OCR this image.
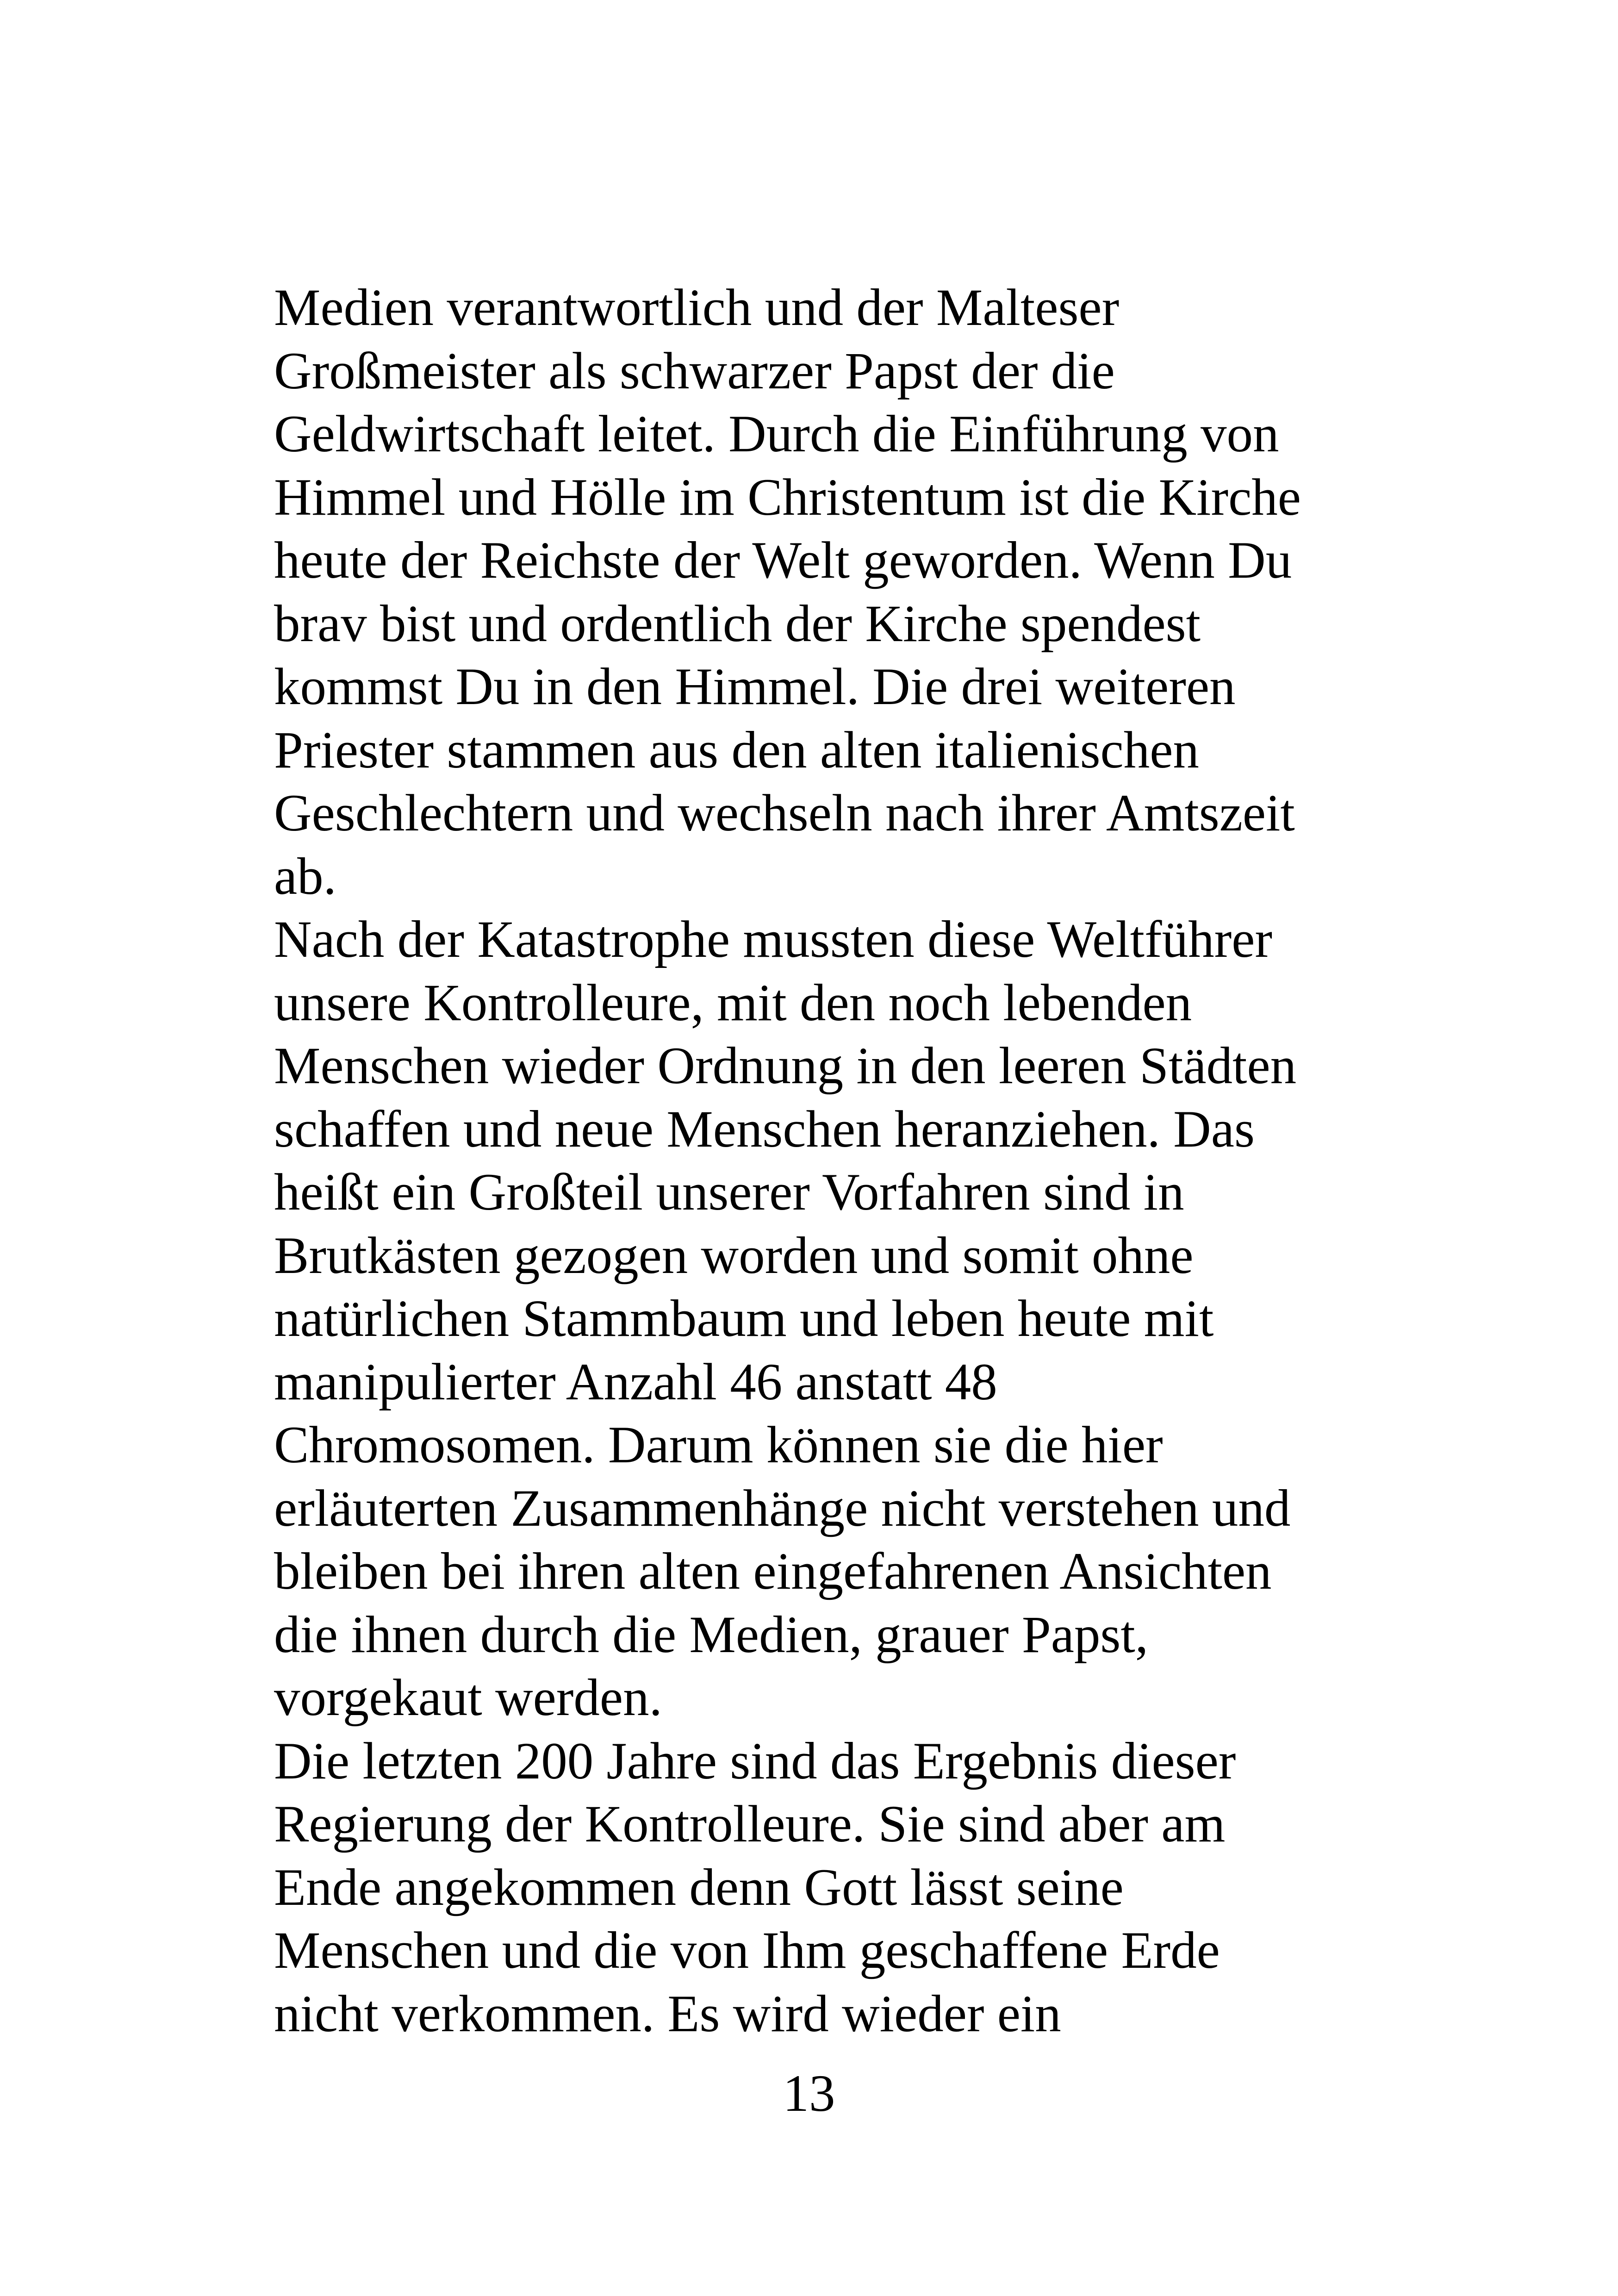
Medien verantwortlich und der Malteser
Großmeister als schwarzer Papst der die
Geldwirtschaft leitet. Durch die Einführung von
Himmel und Hölle im Christentum ist die Kirche
heute der Reichste der Welt geworden. Wenn Du
brav bist und ordentlich der Kirche spendest
kommst Du in den Himmel. Die drei weiteren
Priester stammen aus den alten italienischen
Geschlechtern und wechseln nach ihrer Amtszeit
ab.
Nach der Katastrophe mussten diese Weltführer
unsere Kontrolleure, mit den noch lebenden
Menschen wieder Ordnung in den leeren Städten
schaffen und neue Menschen heranziehen. Das
heißt ein Großteil unserer Vorfahren sind in
Brutkästen gezogen worden und somit ohne
natürlichen Stammbaum und leben heute mit
manipulierter Anzahl 46 anstatt 48
Chromosomen. Darum können sie die hier
erläuterten Zusammenhänge nicht verstehen und
bleiben bei ihren alten eingefahrenen Ansichten
die ihnen durch die Medien, grauer Papst,
vorgekaut werden.
Die letzten 200 Jahre sind das Ergebnis dieser
Regierung der Kontrolleure. Sie sind aber am
Ende angekommen denn Gott lässt seine
Menschen und die von Ihm geschaffene Erde
nicht verkommen. Es wird wieder ein
13
